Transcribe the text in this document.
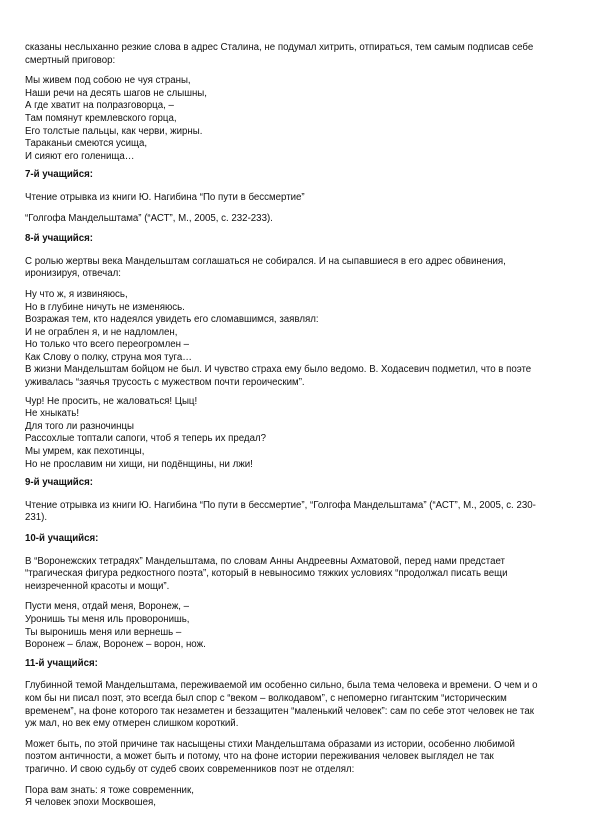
сказаны неслыханно резкие слова в адрес Сталина, не подумал хитрить, отпираться, тем самым подписав себе
смертный приговор:
Мы живем под собою не чуя страны,
Наши речи на десять шагов не слышны,
А где хватит на полразговорца, –
Там помянут кремлевского горца,
Его толстые пальцы, как черви, жирны.
Тараканьи смеются усища,
И сияют его голенища…
7-й учащийся:
Чтение отрывка из книги Ю. Нагибина “По пути в бессмертие”
“Голгофа Мандельштама” (“АСТ”, М., 2005, с. 232-233).
8-й учащийся:
С ролью жертвы века Мандельштам соглашаться не собирался. И на сыпавшиеся в его адрес обвинения,
иронизируя, отвечал:
Ну что ж, я извиняюсь,
Но в глубине ничуть не изменяюсь.
Возражая тем, кто надеялся увидеть его сломавшимся, заявлял:
И не ограблен я, и не надломлен,
Но только что всего переогромлен –
Как Слову о полку, струна моя туга…
В жизни Мандельштам бойцом не был. И чувство страха ему было ведомо. В. Ходасевич подметил, что в поэте
уживалась “заячья трусость с мужеством почти героическим”.
Чур! Не просить, не жаловаться! Цыц!
Не хныкать!
Для того ли разночинцы
Рассохлые топтали сапоги, чтоб я теперь их предал?
Мы умрем, как пехотинцы,
Но не прославим ни хищи, ни подёнщины, ни лжи!
9-й учащийся:
Чтение отрывка из книги Ю. Нагибина “По пути в бессмертие”, “Голгофа Мандельштама” (“АСТ”, М., 2005, с. 230-
231).
10-й учащийся:
В “Воронежских тетрадях” Мандельштама, по словам Анны Андреевны Ахматовой, перед нами предстает
“трагическая фигура редкостного поэта”, который в невыносимо тяжких условиях “продолжал писать вещи
неизреченной красоты и мощи”.
Пусти меня, отдай меня, Воронеж, –
Уронишь ты меня иль проворонишь,
Ты выронишь меня или вернешь –
Воронеж – блаж, Воронеж – ворон, нож.
11-й учащийся:
Глубинной темой Мандельштама, переживаемой им особенно сильно, была тема человека и времени. О чем и о
ком бы ни писал поэт, это всегда был спор с “веком – волкодавом”, с непомерно гигантским “историческим
временем”, на фоне которого так незаметен и беззащитен “маленький человек”: сам по себе этот человек не так
уж мал, но век ему отмерен слишком короткий.
Может быть, по этой причине так насыщены стихи Мандельштама образами из истории, особенно любимой
поэтом античности, а может быть и потому, что на фоне истории переживания человек выглядел не так
трагично. И свою судьбу от судеб своих современников поэт не отделял:
Пора вам знать: я тоже современник,
Я человек эпохи Москвошея,
